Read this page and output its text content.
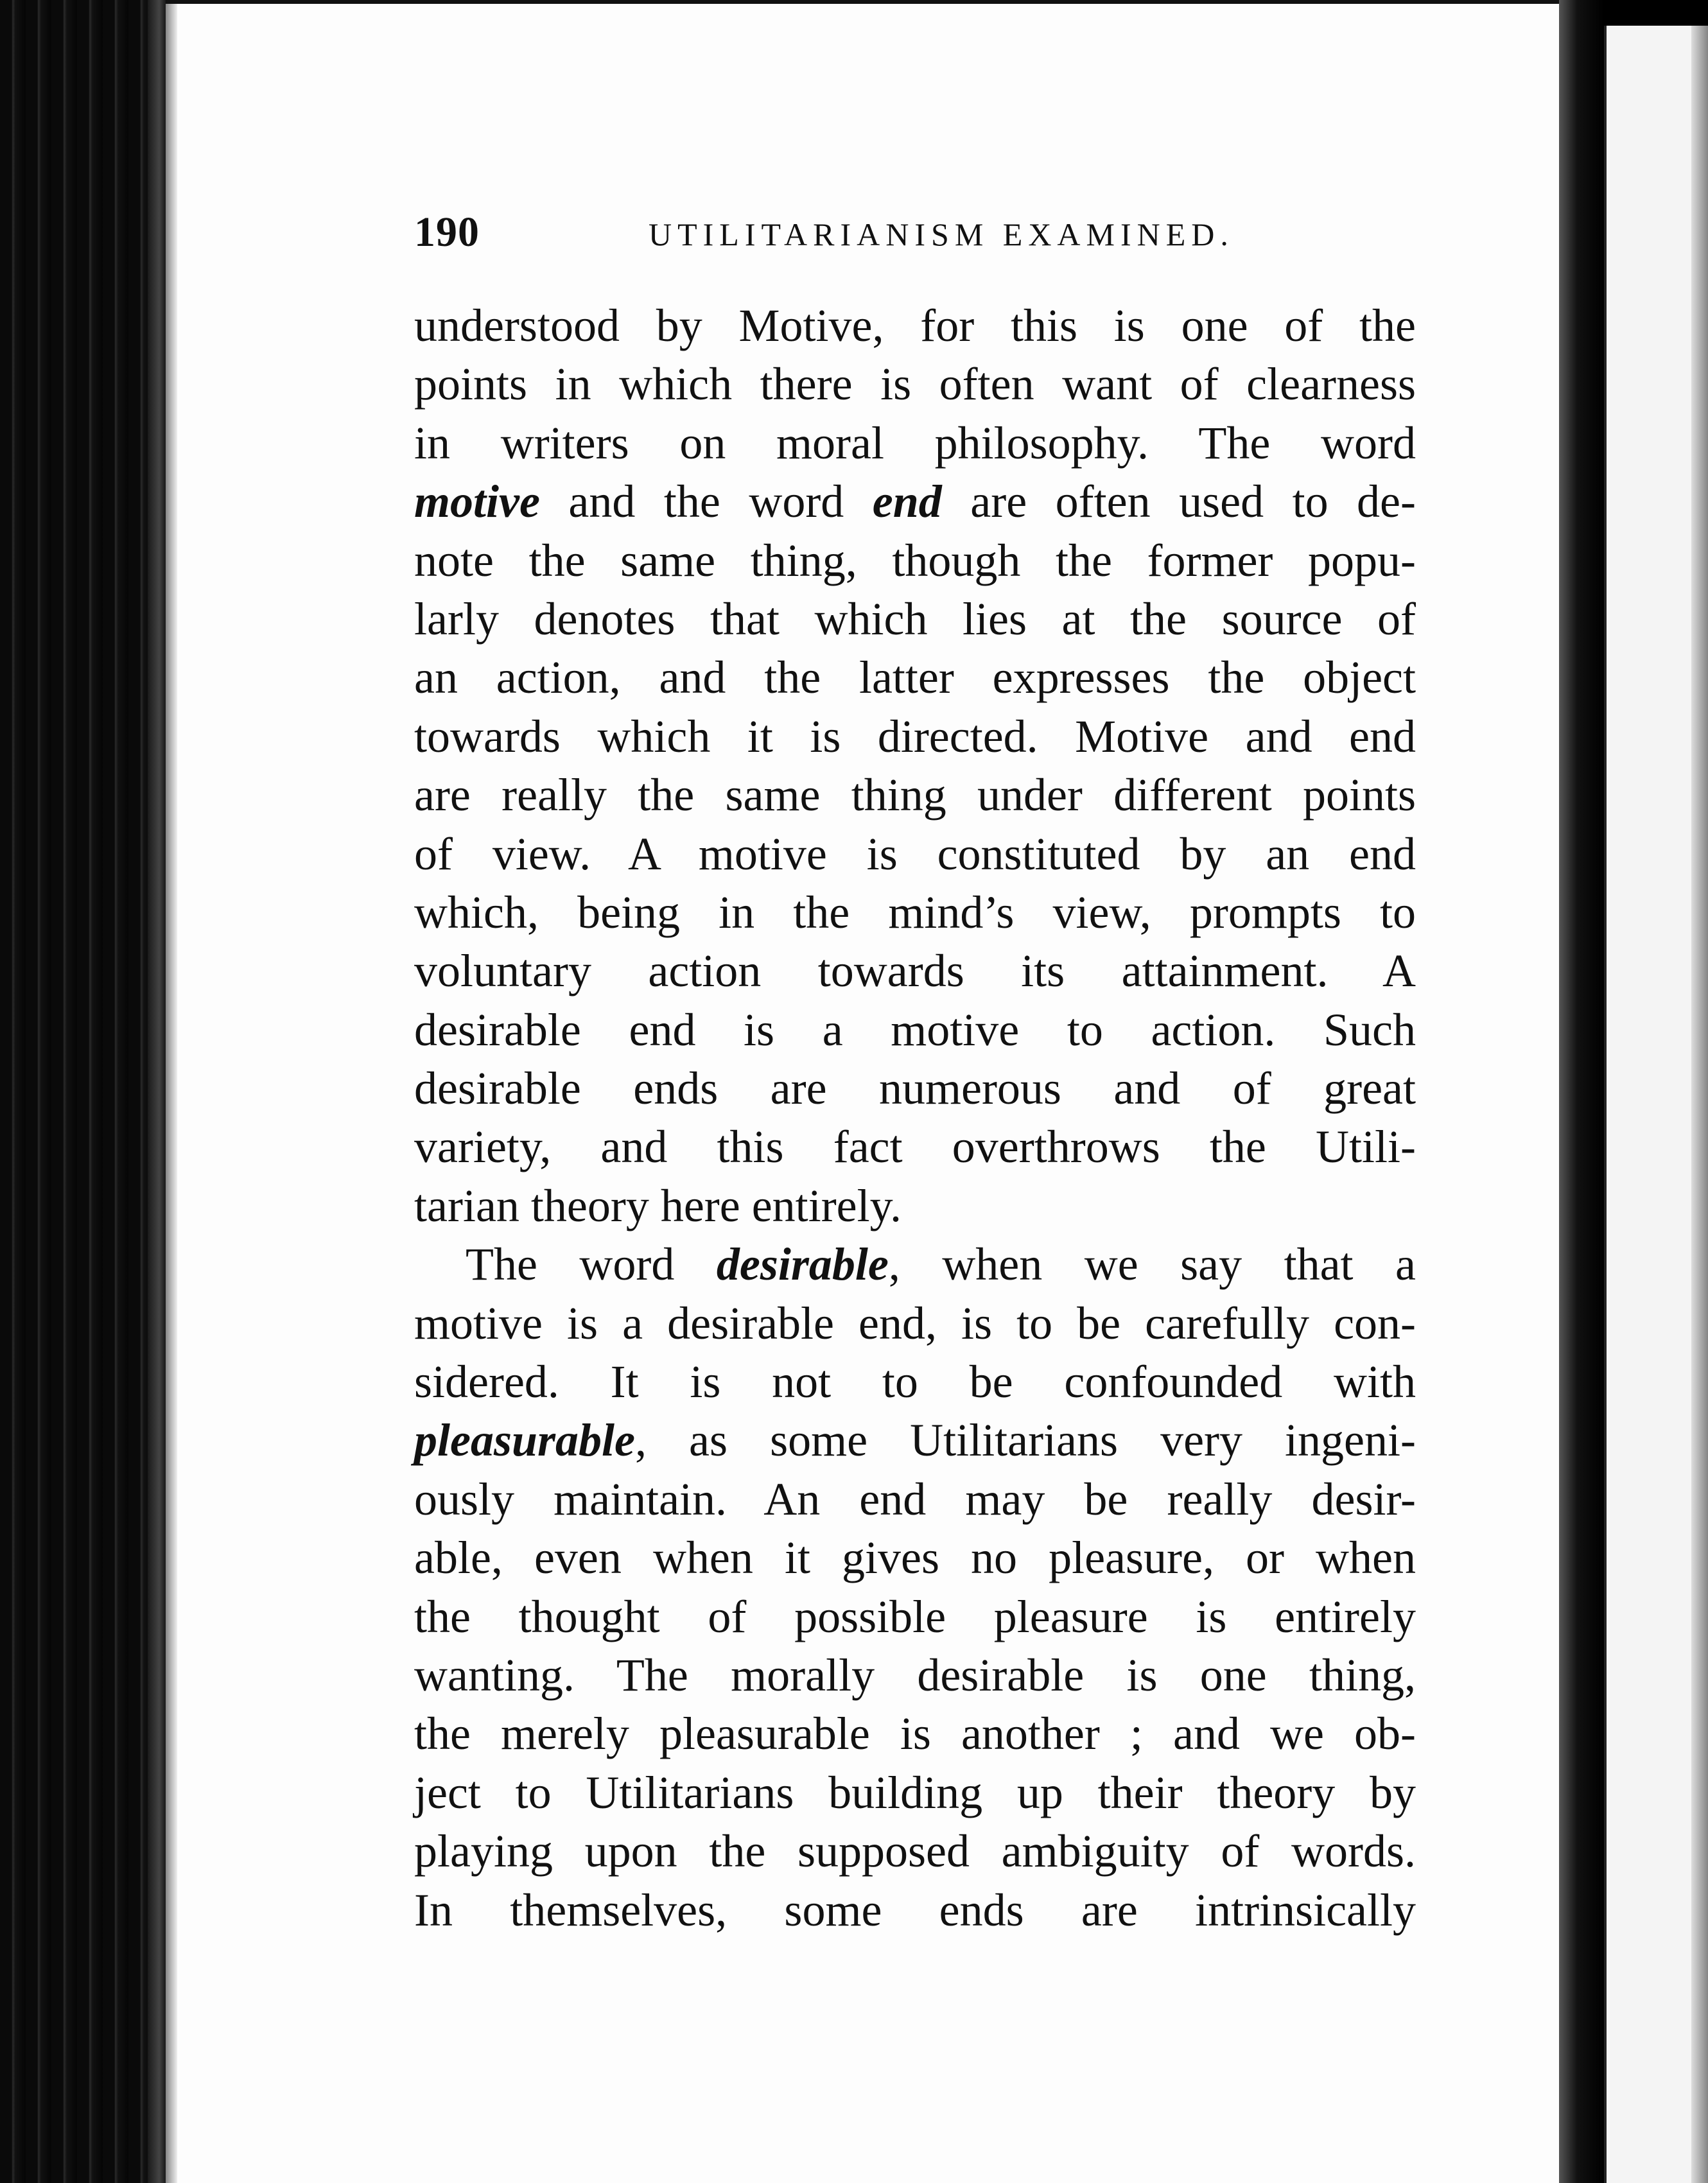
190	UTILITARIANISM EXAMINED.
understood by Motive, for this is one of the
points in which there is often want of clearness
in writers on moral philosophy. The word
motive and the word end are often used to de-
note the same thing, though the former popu-
larly denotes that which lies at the source of
an action, and the latter expresses the object
towards which it is directed. Motive and end
are really the same thing under different points
of view. A motive is constituted by an end
which, being in the mind’s view, prompts to
voluntary action towards its attainment. A
desirable end is a motive to action. Such
desirable ends are numerous and of great
variety, and this fact overthrows the Utili-
tarian theory here entirely.
The word desirable, when we say that a
motive is a desirable end, is to be carefully con-
sidered. It is not to be confounded with
pleasurable, as some Utilitarians very ingeni-
ously maintain. An end may be really desir-
able, even when it gives no pleasure, or when
the thought of possible pleasure is entirely
wanting. The morally desirable is one thing,
the merely pleasurable is another ; and we ob-
ject to Utilitarians building up their theory by
playing upon the supposed ambiguity of words.
In themselves, some ends are intrinsically
